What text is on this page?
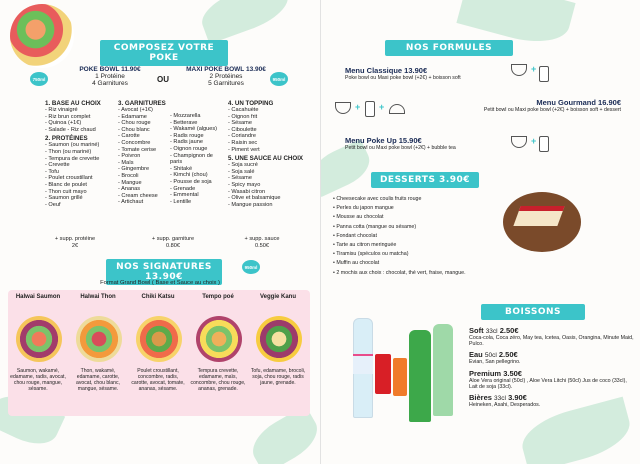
COMPOSEZ VOTRE POKE
750ml
POKE BOWL 11.90€
1 Protéine
4 Garnitures	OU
MAXI POKE BOWL 13.90€
2 Protéines
5 Garnitures
950ml
1. BASE AU CHOIX
- Riz vinaigré
- Riz brun complet
- Quinoa (+1€)
- Salade - Riz chaud
2. PROTÉINES
- Saumon (ou mariné)
- Thon (ou mariné)
- Tempura de crevette
- Crevette
- Tofu
- Poulet croustillant
- Blanc de poulet
- Thon cuit mayo
- Saumon grillé
- Oeuf
3. GARNITURES
- Avocat (+1€)
- Edamame
- Chou rouge
- Chou blanc
- Carotte
- Concombre
- Tomate cerise
- Poivron
- Maïs
- Gingembre
- Brocoli
- Mangue
- Ananas
- Cream cheese
- Artichaut
- Mozzarella
- Betterave
- Wakamé (algues)
- Radis rouge
- Radis jaune
- Oignon rouge
- Champignon de
paris
- Shitaké
- Kimchi (chou)
- Pousse de soja
- Grenade
- Emmental
- Lentille
4. UN TOPPING
- Cacahuète
- Oignon frit
- Sésame
- Ciboulette
- Coriandre
- Raisin sec
- Piment vert
5. UNE SAUCE AU CHOIX
- Soja sucré
- Soja salé
- Sésame
- Spicy mayo
- Wasabi citron
- Olive et balsamique
- Mangue passion
+ supp. protéine
2€
+ supp. garniture
0.80€
+ supp. sauce
0.50€
NOS SIGNATURES 13.90€
950ml
Format Grand Bowl ( Base et Sauce au choix )
Halwai Saumon	Halwai Thon	Chiki Katsu	Tempo poé	Veggie Kanu
Saumon, wakamé, edamame, radis, avocat, chou rouge, mangue, sésame.
Thon, wakamé, edamame, carotte, avocat, chou blanc, mangue, sésame.
Poulet croustillant, concombre, radis, carotte, avocat, tomate, ananas, sésame.
Tempura crevette, edamame, maïs, concombre, chou rouge, ananas, grenade.
Tofu, edamame, brocoli, soja, chou rouge, radis jaune, grenade.
NOS FORMULES
Menu Classique 13.90€
Poke bowl ou Maxi poke bowl (+2€) + boisson soft
+
+ +	Menu Gourmand 16.90€
Petit bowl ou Maxi poke bowl (+2€) + boisson soft + dessert
Menu Poke Up 15.90€
Petit bowl ou Maxi poke bowl (+2€) + bubble tea
+
DESSERTS 3.90€
• Cheesecake avec coulis fruits rouge
• Perles du japon mangue
• Mousse au chocolat
• Panna cotta (mangue ou sésame)
• Fondant chocolat
• Tarte au citron meringuée
• Tiramisu (spéculos ou matcha)
• Muffin au chocolat
• 2 mochis aux choix : chocolat, thé vert, fraise, mangue.
BOISSONS
Soft 33cl 2.50€
Coca-cola, Coca zéro, May tea, Icetea, Oasis, Orangina, Minute Maid, Pulco.
Eau 50cl 2.50€
Evian, San pellegrino.
Premium 3.50€
Aloe Vera original (50cl) , Aloe Vera Litchi (50cl) Jus de coco (33cl), Lait de soja (33cl).
Bières 33cl 3.90€
Heineken, Asahi, Desperados.
